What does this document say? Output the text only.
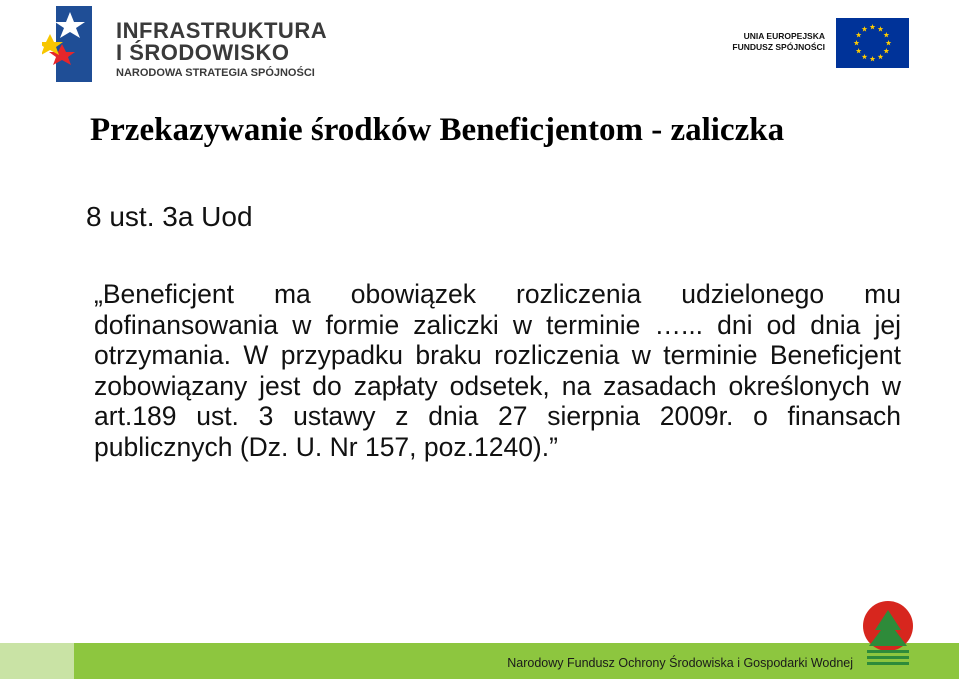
INFRASTRUKTURA
I ŚRODOWISKO
NARODOWA STRATEGIA SPÓJNOŚCI
UNIA EUROPEJSKA
FUNDUSZ SPÓJNOŚCI
Przekazywanie środków Beneficjentom - zaliczka
8 ust. 3a Uod
„Beneficjent ma obowiązek rozliczenia udzielonego mu dofinansowania w formie zaliczki w terminie …... dni od dnia jej otrzymania. W przypadku braku rozliczenia w terminie Beneficjent zobowiązany jest do zapłaty odsetek, na zasadach określonych w art.189 ust. 3 ustawy z dnia 27 sierpnia 2009r. o finansach publicznych (Dz. U. Nr 157, poz.1240).”
Narodowy Fundusz Ochrony Środowiska i Gospodarki Wodnej
